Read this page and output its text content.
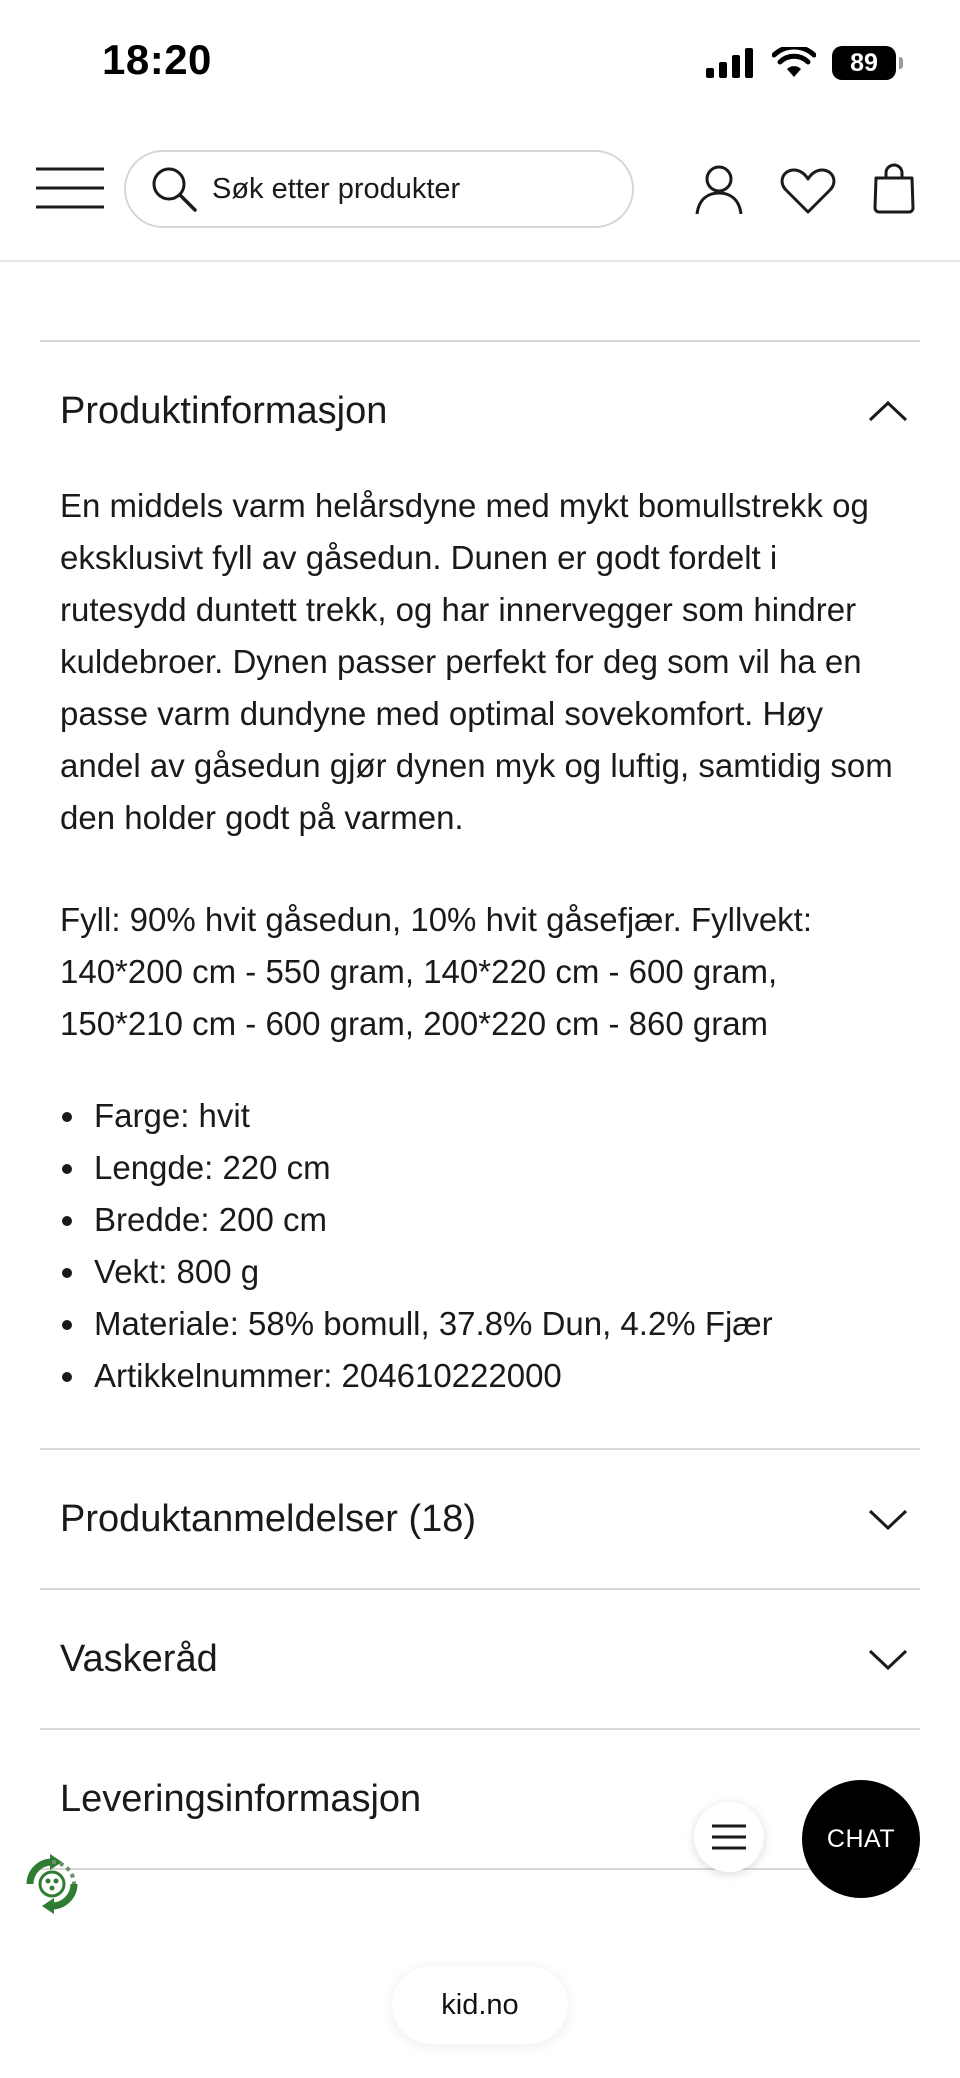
18:20	89
Søk etter produkter
Produktinformasjon

En middels varm helårsdyne med mykt bomullstrekk og eksklusivt fyll av gåsedun. Dunen er godt fordelt i rutesydd duntett trekk, og har innervegger som hindrer kuldebroer. Dynen passer perfekt for deg som vil ha en passe varm dundyne med optimal sovekomfort. Høy andel av gåsedun gjør dynen myk og luftig, samtidig som den holder godt på varmen.

Fyll: 90% hvit gåsedun, 10% hvit gåsefjær. Fyllvekt: 140*200 cm - 550 gram, 140*220 cm - 600 gram, 150*210 cm - 600 gram, 200*220 cm - 860 gram

Farge: hvit
Lengde: 220 cm
Bredde: 200 cm
Vekt: 800 g
Materiale: 58% bomull, 37.8% Dun, 4.2% Fjær
Artikkelnummer: 204610222000
Produktanmeldelser (18)
Vaskeråd
Leveringsinformasjon
CHAT
kid.no
